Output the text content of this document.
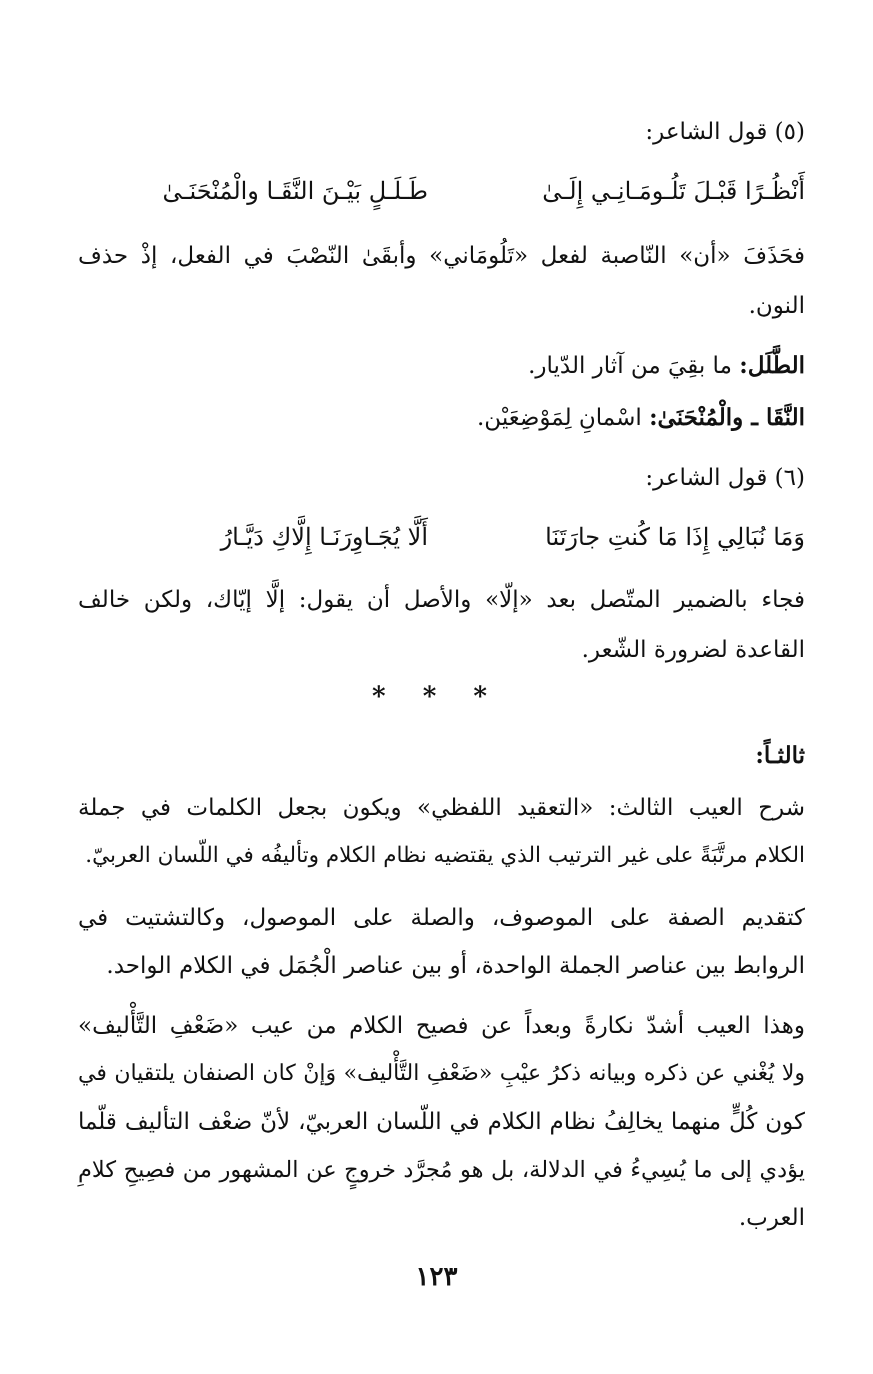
(٥) قول الشاعر:
أَنْظُـرًا قَبْـلَ تَلُـومَـانِـي إِلَـىٰ
طَـلَـلٍ بَيْـنَ النَّقَـا والْمُنْحَنَـىٰ
فحَذَفَ «أن» النّاصبة لفعل «تَلُومَاني» وأبقَىٰ النّصْبَ في الفعل، إذْ حذف
النون.
الطَّلَل: ما بقِيَ من آثار الدّيار.
النَّقَا ـ والْمُنْحَنَىٰ: اسْمانِ لِمَوْضِعَيْن.
(٦) قول الشاعر:
وَمَا نُبَالِي إِذَا مَا كُنتِ جارَتَنَا
أَلَّا يُجَـاوِرَنَـا إِلَّاكِ دَيَّـارُ
فجاء بالضمير المتّصل بعد «إلّا» والأصل أن يقول: إلَّا إيّاك، ولكن خالف
القاعدة لضرورة الشّعر.
* * *
ثالثـاً:
شرح العيب الثالث: «التعقيد اللفظي» ويكون بجعل الكلمات في جملة
الكلام مرتَّبَةً على غير الترتيب الذي يقتضيه نظام الكلام وتأليفُه في اللّسان العربيّ.
كتقديم الصفة على الموصوف، والصلة على الموصول، وكالتشتيت في
الروابط بين عناصر الجملة الواحدة، أو بين عناصر الْجُمَل في الكلام الواحد.
وهذا العيب أشدّ نكارةً وبعداً عن فصيح الكلام من عيب «ضَعْفِ التَّأْليف»
ولا يُغْني عن ذكره وبيانه ذكرُ عيْبِ «ضَعْفِ التَّأْليف» وَإنْ كان الصنفان يلتقيان في
كون كُلٍّ منهما يخالِفُ نظام الكلام في اللّسان العربيّ، لأنّ ضعْف التأليف قلّما
يؤدي إلى ما يُسِيءُ في الدلالة، بل هو مُجرَّد خروجٍ عن المشهور من فصِيحِ كلامِ
العرب.
١٢٣
